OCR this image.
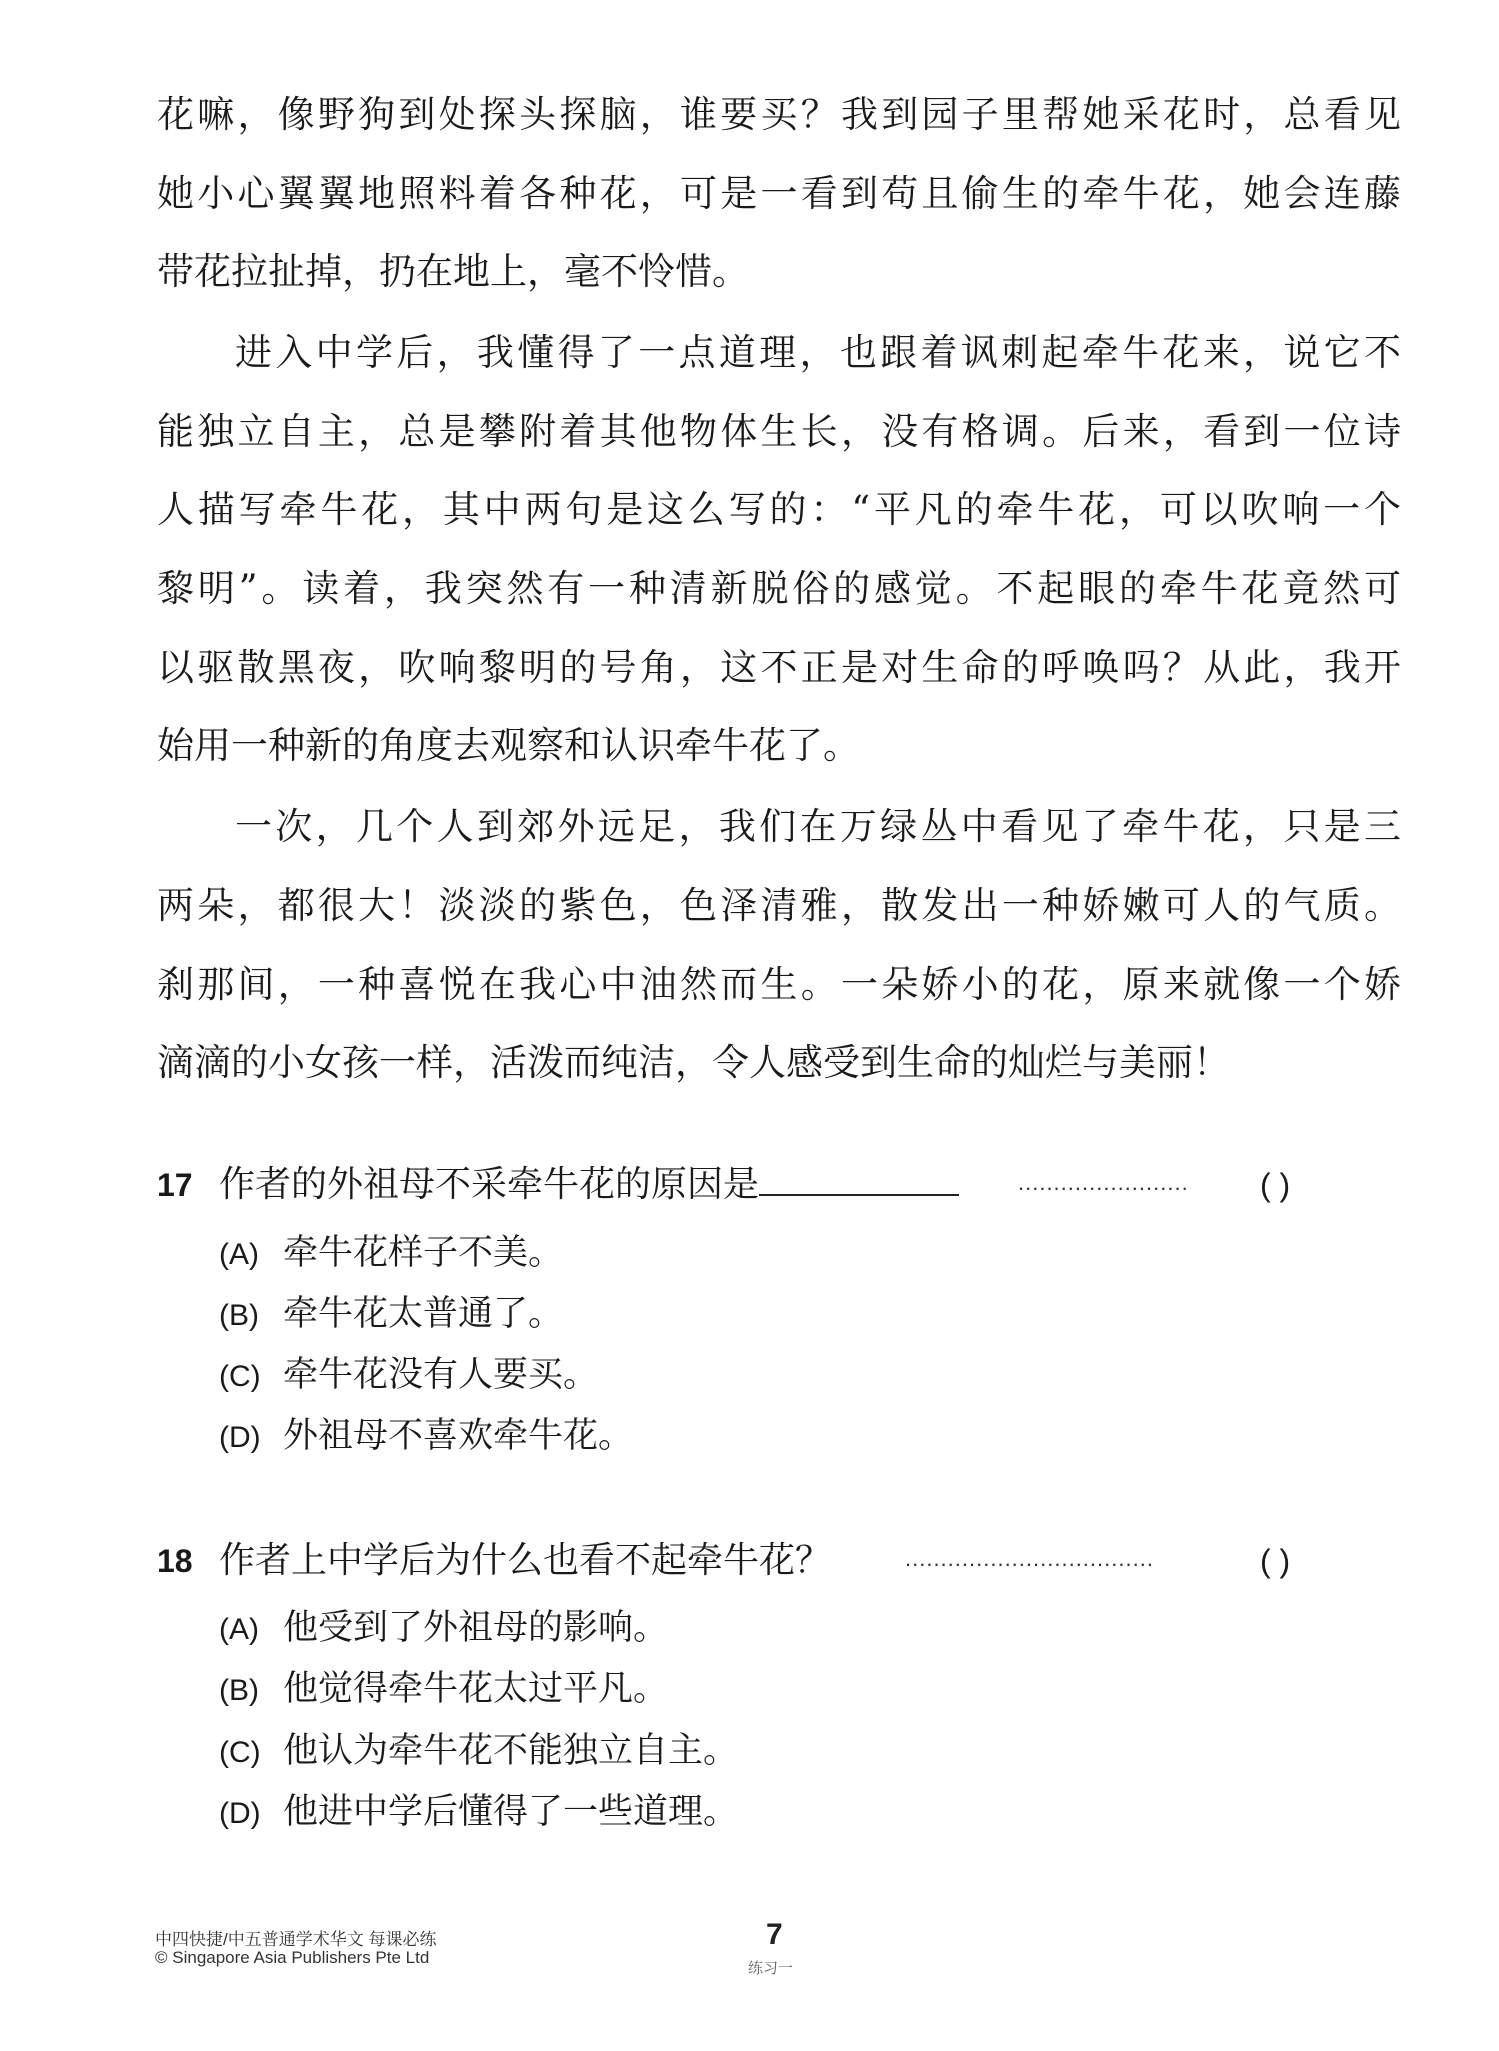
花嘛，像野狗到处探头探脑，谁要买？我到园子里帮她采花时，总看见
她小心翼翼地照料着各种花，可是一看到苟且偷生的牵牛花，她会连藤
带花拉扯掉，扔在地上，毫不怜惜。
进入中学后，我懂得了一点道理，也跟着讽刺起牵牛花来，说它不
能独立自主，总是攀附着其他物体生长，没有格调。后来，看到一位诗
人描写牵牛花，其中两句是这么写的：“平凡的牵牛花，可以吹响一个
黎明”。读着，我突然有一种清新脱俗的感觉。不起眼的牵牛花竟然可
以驱散黑夜，吹响黎明的号角，这不正是对生命的呼唤吗？从此，我开
始用一种新的角度去观察和认识牵牛花了。
一次，几个人到郊外远足，我们在万绿丛中看见了牵牛花，只是三
两朵，都很大！淡淡的紫色，色泽清雅，散发出一种娇嫩可人的气质。
刹那间，一种喜悦在我心中油然而生。一朵娇小的花，原来就像一个娇
滴滴的小女孩一样，活泼而纯洁，令人感受到生命的灿烂与美丽！
17 作者的外祖母不采牵牛花的原因是	........................ ( )
(A) 牵牛花样子不美。
(B) 牵牛花太普通了。
(C) 牵牛花没有人要买。
(D) 外祖母不喜欢牵牛花。
18 作者上中学后为什么也看不起牵牛花？	...................................	( )
(A) 他受到了外祖母的影响。
(B) 他觉得牵牛花太过平凡。
(C) 他认为牵牛花不能独立自主。
(D) 他进中学后懂得了一些道理。
中四快捷/中五普通学术华文 每课必练
© Singapore Asia Publishers Pte Ltd
7
练习一
